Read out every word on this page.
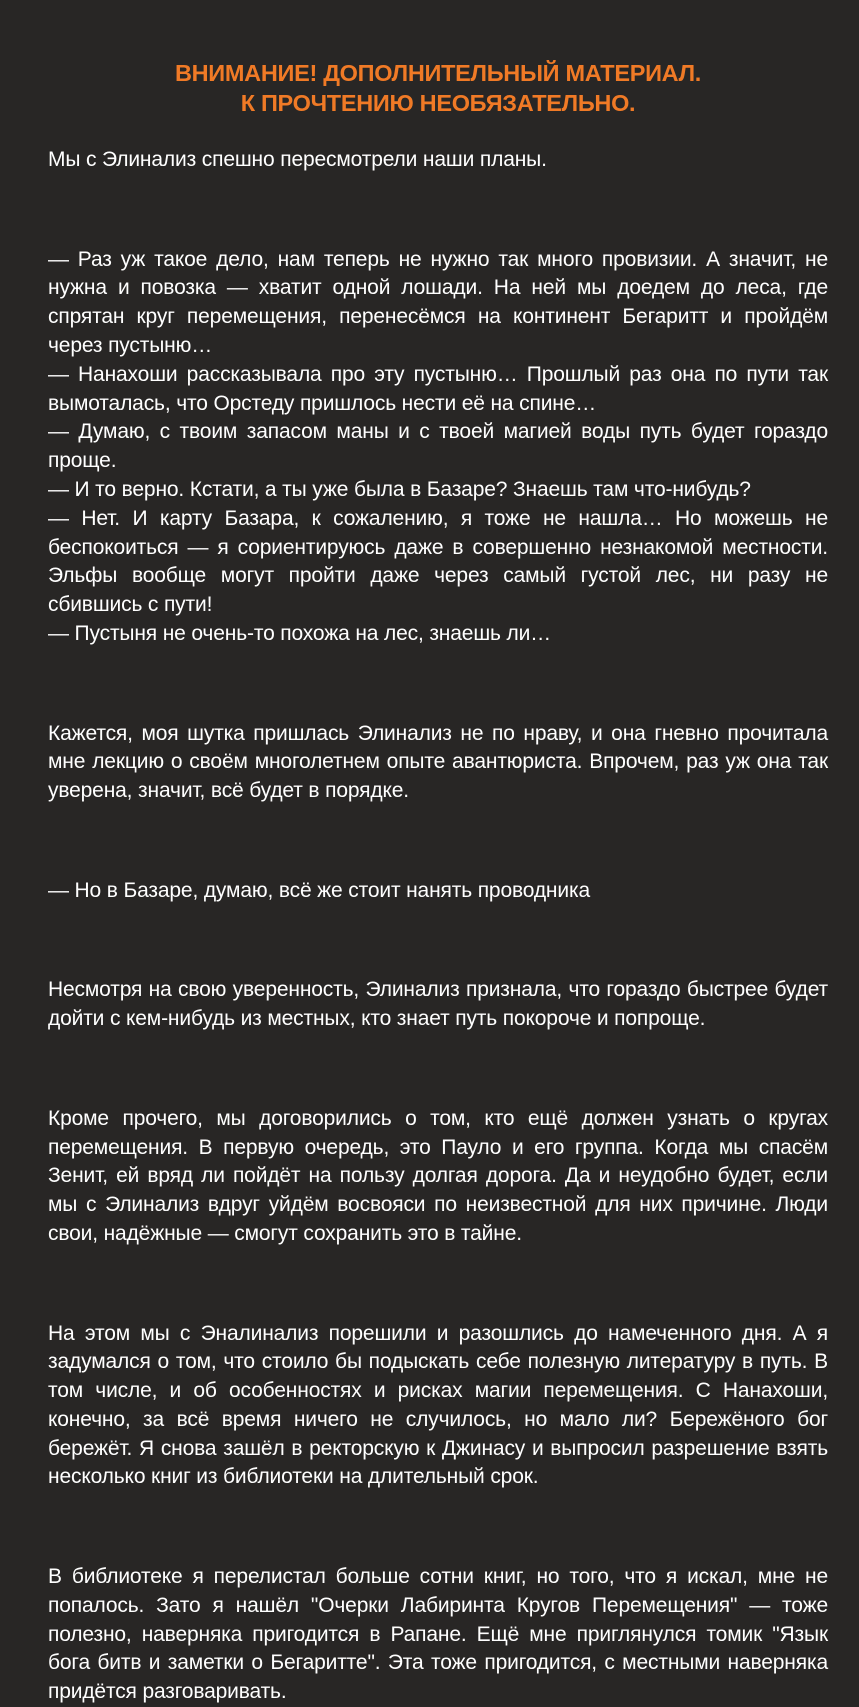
ВНИМАНИЕ! ДОПОЛНИТЕЛЬНЫЙ МАТЕРИАЛ.
К ПРОЧТЕНИЮ НЕОБЯЗАТЕЛЬНО.

Мы с Элинализ спешно пересмотрели наши планы.

— Раз уж такое дело, нам теперь не нужно так много провизии. А значит, не нужна и повозка — хватит одной лошади. На ней мы доедем до леса, где спрятан круг перемещения, перенесёмся на континент Бегаритт и пройдём через пустыню…

— Нанахоши рассказывала про эту пустыню… Прошлый раз она по пути так вымоталась, что Орстеду пришлось нести её на спине…

— Думаю, с твоим запасом маны и с твоей магией воды путь будет гораздо проще.

— И то верно. Кстати, а ты уже была в Базаре? Знаешь там что-нибудь?

— Нет. И карту Базара, к сожалению, я тоже не нашла… Но можешь не беспокоиться — я сориентируюсь даже в совершенно незнакомой местности. Эльфы вообще могут пройти даже через самый густой лес, ни разу не сбившись с пути!

— Пустыня не очень-то похожа на лес, знаешь ли…

Кажется, моя шутка пришлась Элинализ не по нраву, и она гневно прочитала мне лекцию о своём многолетнем опыте авантюриста. Впрочем, раз уж она так уверена, значит, всё будет в порядке.

— Но в Базаре, думаю, всё же стоит нанять проводника

Несмотря на свою уверенность, Элинализ признала, что гораздо быстрее будет дойти с кем-нибудь из местных, кто знает путь покороче и попроще.

Кроме прочего, мы договорились о том, кто ещё должен узнать о кругах перемещения. В первую очередь, это Пауло и его группа. Когда мы спасём Зенит, ей вряд ли пойдёт на пользу долгая дорога. Да и неудобно будет, если мы с Элинализ вдруг уйдём восвояси по неизвестной для них причине. Люди свои, надёжные — смогут сохранить это в тайне.

На этом мы с Эналинализ порешили и разошлись до намеченного дня. А я задумался о том, что стоило бы подыскать себе полезную литературу в путь. В том числе, и об особенностях и рисках магии перемещения. С Нанахоши, конечно, за всё время ничего не случилось, но мало ли? Бережёного бог бережёт. Я снова зашёл в ректорскую к Джинасу и выпросил разрешение взять несколько книг из библиотеки на длительный срок.

В библиотеке я перелистал больше сотни книг, но того, что я искал, мне не попалось. Зато я нашёл "Очерки Лабиринта Кругов Перемещения" — тоже полезно, наверняка пригодится в Рапане. Ещё мне приглянулся томик "Язык бога битв и заметки о Бегаритте". Эта тоже пригодится, с местными наверняка придётся разговаривать.
